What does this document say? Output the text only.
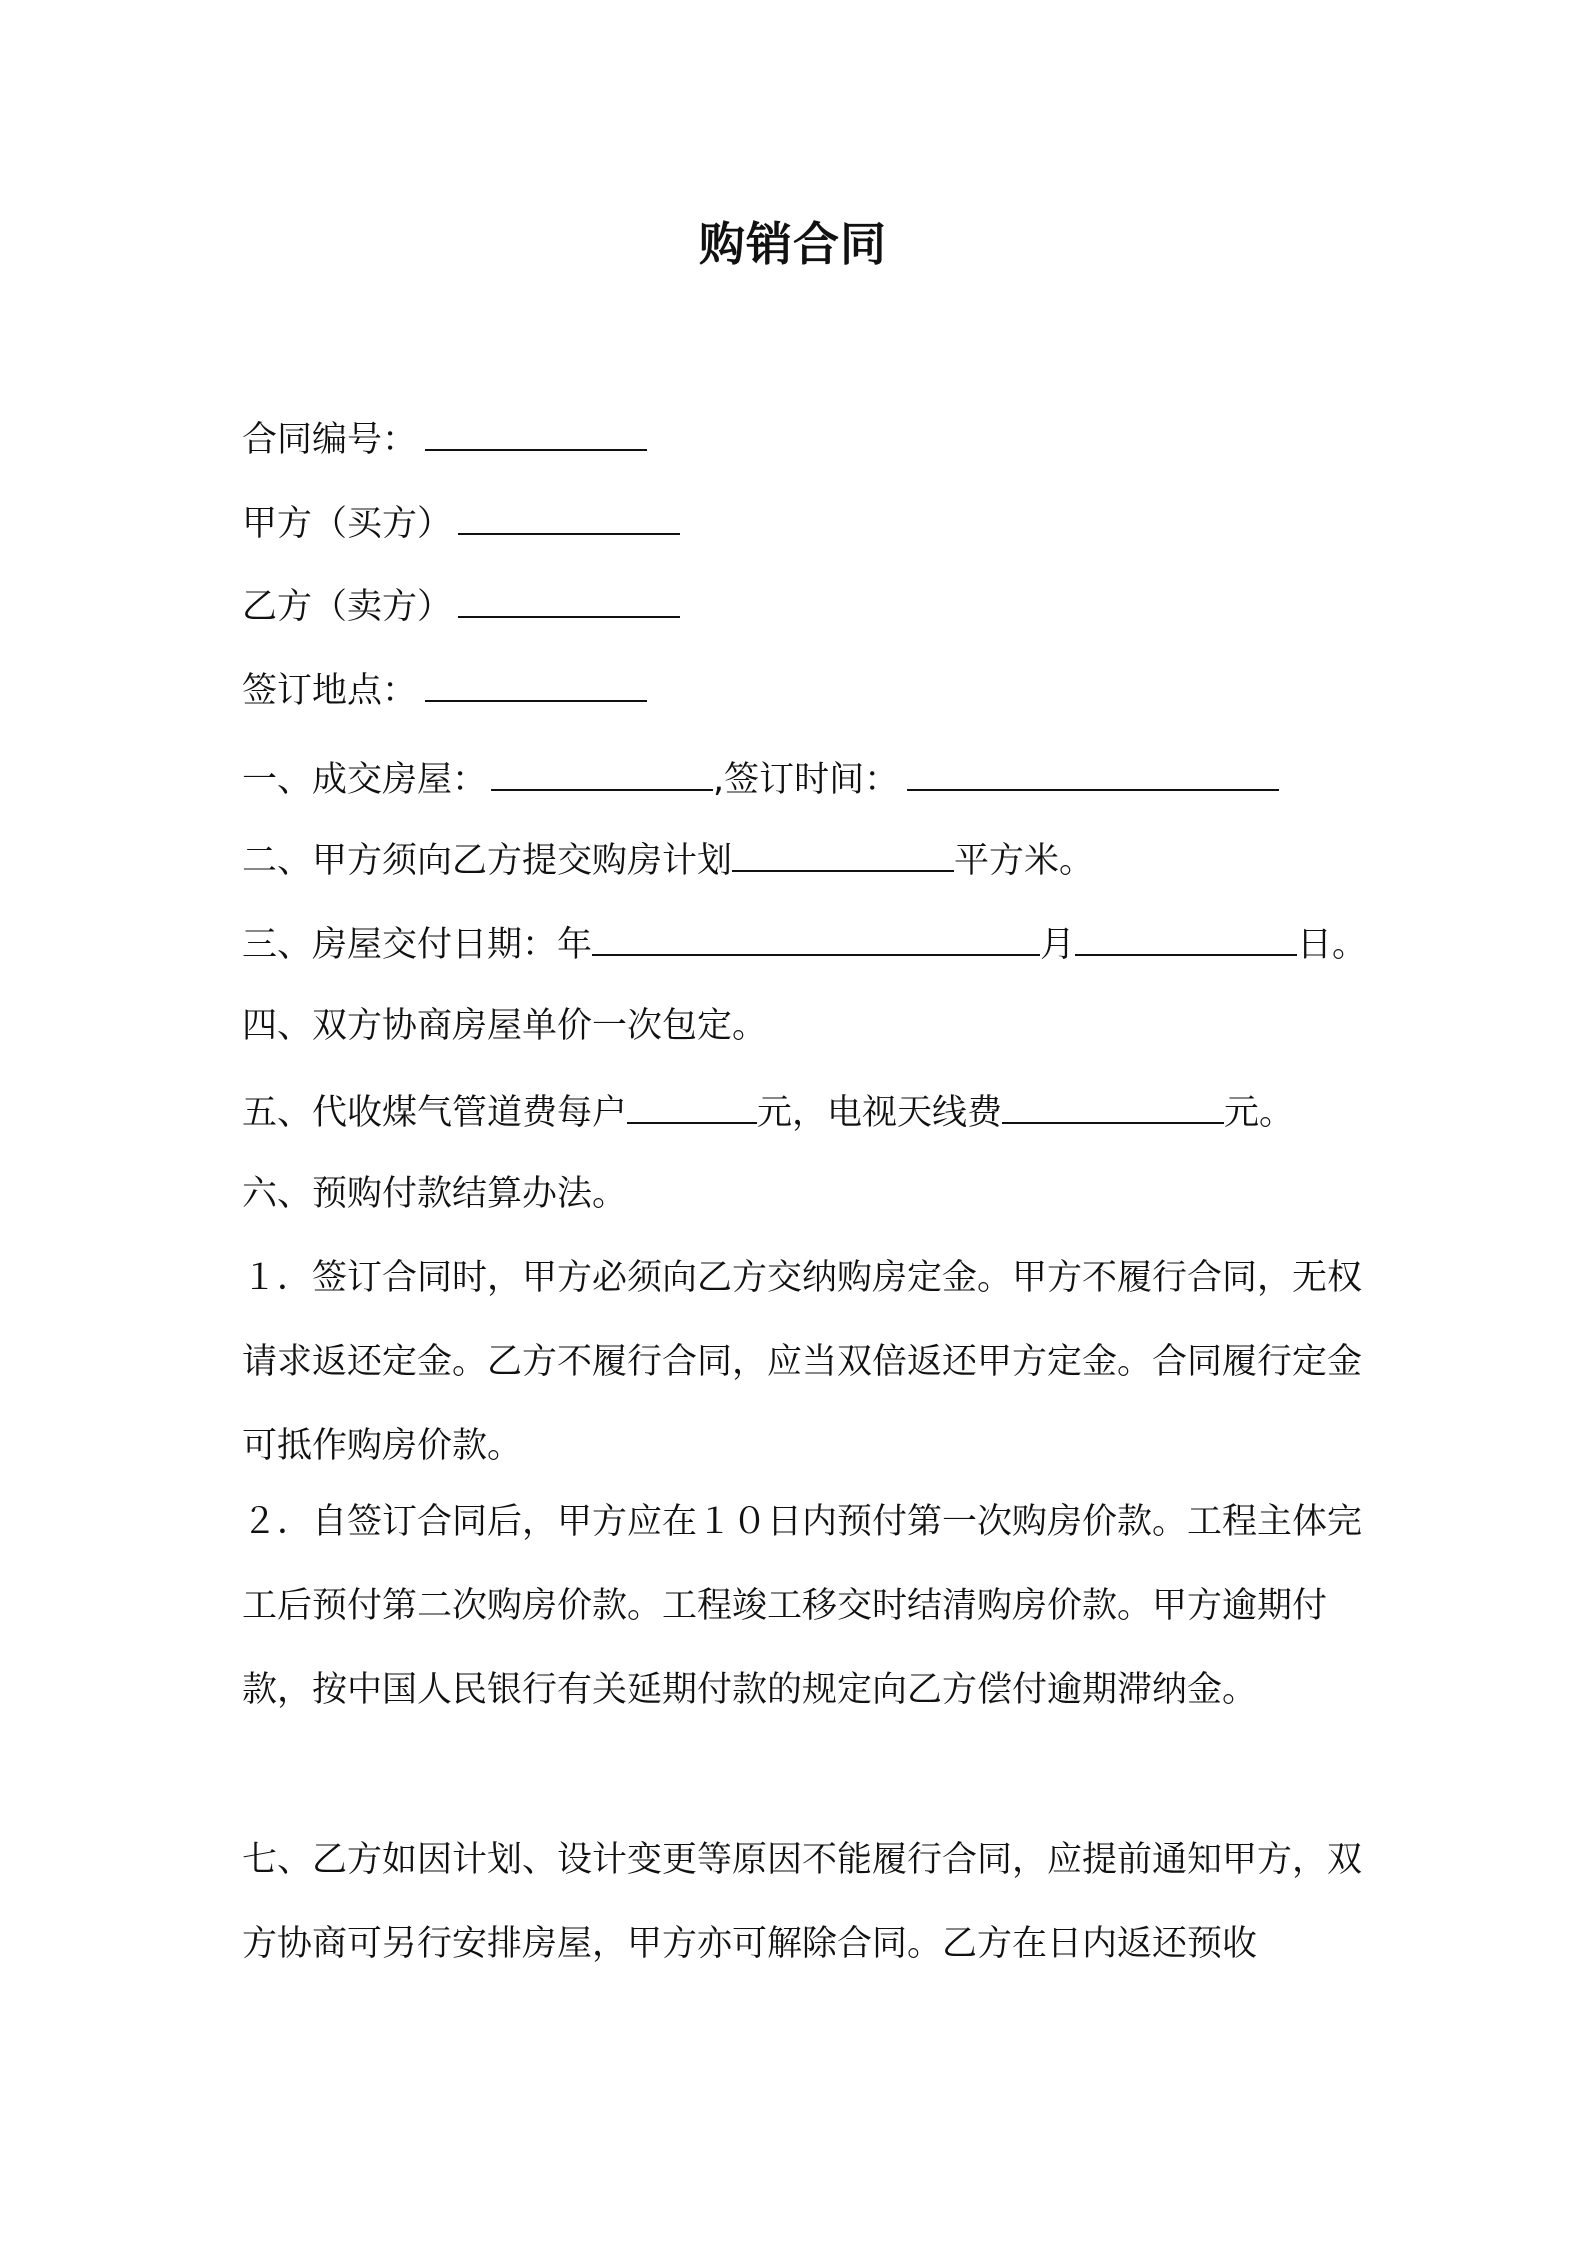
购销合同
合同编号：
甲方（买方）
乙方（卖方）
签订地点：
一、成交房屋：	,签订时间：
二、甲方须向乙方提交购房计划	平方米。
三、房屋交付日期：年	月	日。
四、双方协商房屋单价一次包定。
五、代收煤气管道费每户	元，电视天线费	元。
六、预购付款结算办法。
１．签订合同时，甲方必须向乙方交纳购房定金。甲方不履行合同，无权请求返还定金。乙方不履行合同，应当双倍返还甲方定金。合同履行定金可抵作购房价款。
２．自签订合同后，甲方应在１０日内预付第一次购房价款。工程主体完工后预付第二次购房价款。工程竣工移交时结清购房价款。甲方逾期付款，按中国人民银行有关延期付款的规定向乙方偿付逾期滞纳金。
七、乙方如因计划、设计变更等原因不能履行合同，应提前通知甲方，双方协商可另行安排房屋，甲方亦可解除合同。乙方在日内返还预收
